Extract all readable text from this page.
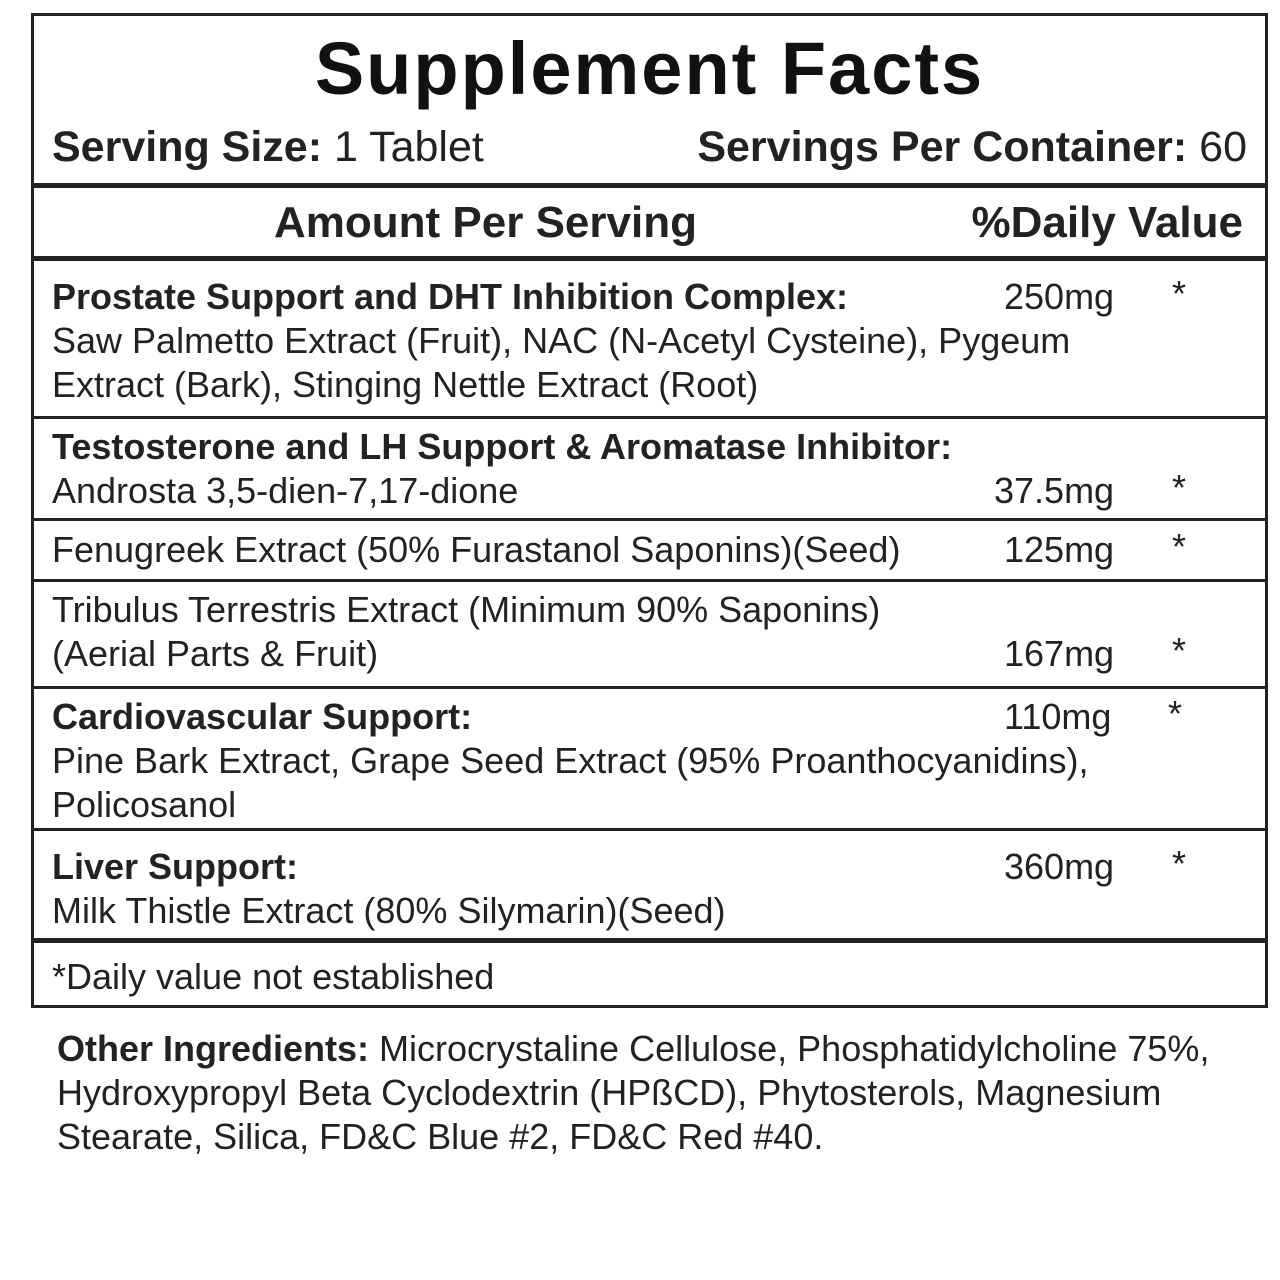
Supplement Facts
Serving Size: 1 Tablet	Servings Per Container: 60
Amount Per Serving	%Daily Value
Prostate Support and DHT Inhibition Complex:	250mg *
Saw Palmetto Extract (Fruit), NAC (N-Acetyl Cysteine), Pygeum
Extract (Bark), Stinging Nettle Extract (Root)
Testosterone and LH Support & Aromatase Inhibitor:
Androsta 3,5-dien-7,17-dione	37.5mg *
Fenugreek Extract (50% Furastanol Saponins)(Seed)	125mg *
Tribulus Terrestris Extract (Minimum 90% Saponins)
(Aerial Parts & Fruit)	167mg *
Cardiovascular Support:	110mg *
Pine Bark Extract, Grape Seed Extract (95% Proanthocyanidins),
Policosanol
Liver Support:	360mg *
Milk Thistle Extract (80% Silymarin)(Seed)
*Daily value not established
Other Ingredients: Microcrystaline Cellulose, Phosphatidylcholine 75%, Hydroxypropyl Beta Cyclodextrin (HPßCD), Phytosterols, Magnesium Stearate, Silica, FD&C Blue #2, FD&C Red #40.
